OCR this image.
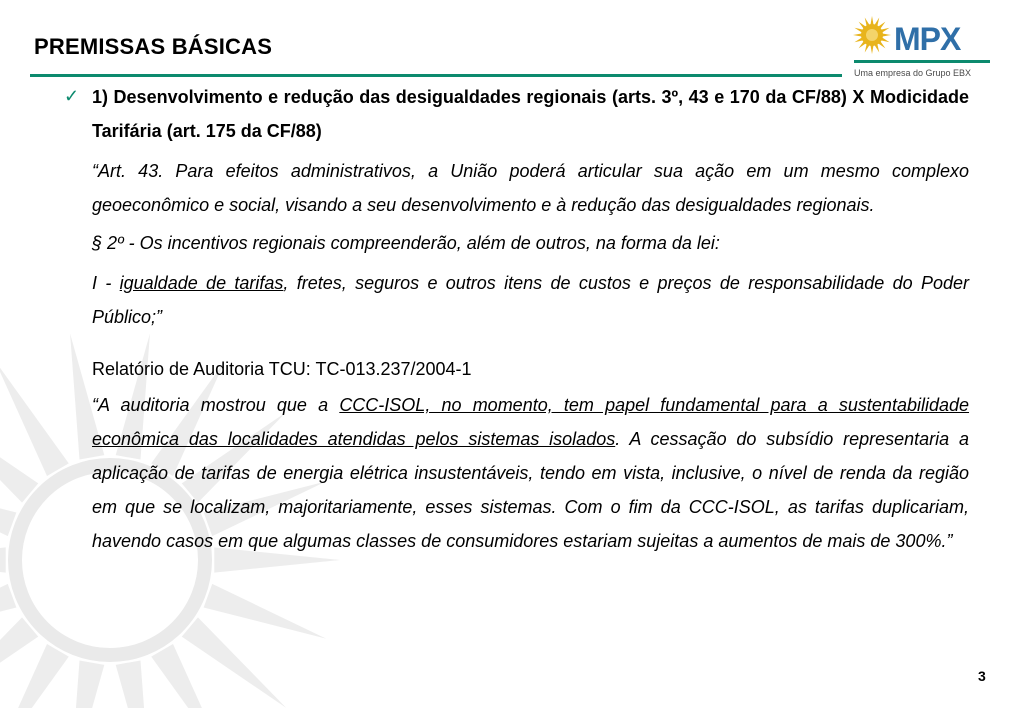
PREMISSAS BÁSICAS	MPX
Uma empresa do Grupo EBX
✓ 1) Desenvolvimento e redução das desigualdades regionais (arts. 3º, 43 e 170 da CF/88) X Modicidade Tarifária (art. 175 da CF/88)

“Art. 43. Para efeitos administrativos, a União poderá articular sua ação em um mesmo complexo geoeconômico e social, visando a seu desenvolvimento e à redução das desigualdades regionais.

§ 2º - Os incentivos regionais compreenderão, além de outros, na forma da lei:

I - igualdade de tarifas, fretes, seguros e outros itens de custos e preços de responsabilidade do Poder Público;”

Relatório de Auditoria TCU: TC-013.237/2004-1

“A auditoria mostrou que a CCC-ISOL, no momento, tem papel fundamental para a sustentabilidade econômica das localidades atendidas pelos sistemas isolados. A cessação do subsídio representaria a aplicação de tarifas de energia elétrica insustentáveis, tendo em vista, inclusive, o nível de renda da região em que se localizam, majoritariamente, esses sistemas. Com o fim da CCC-ISOL, as tarifas duplicariam, havendo casos em que algumas classes de consumidores estariam sujeitas a aumentos de mais de 300%.”

3
